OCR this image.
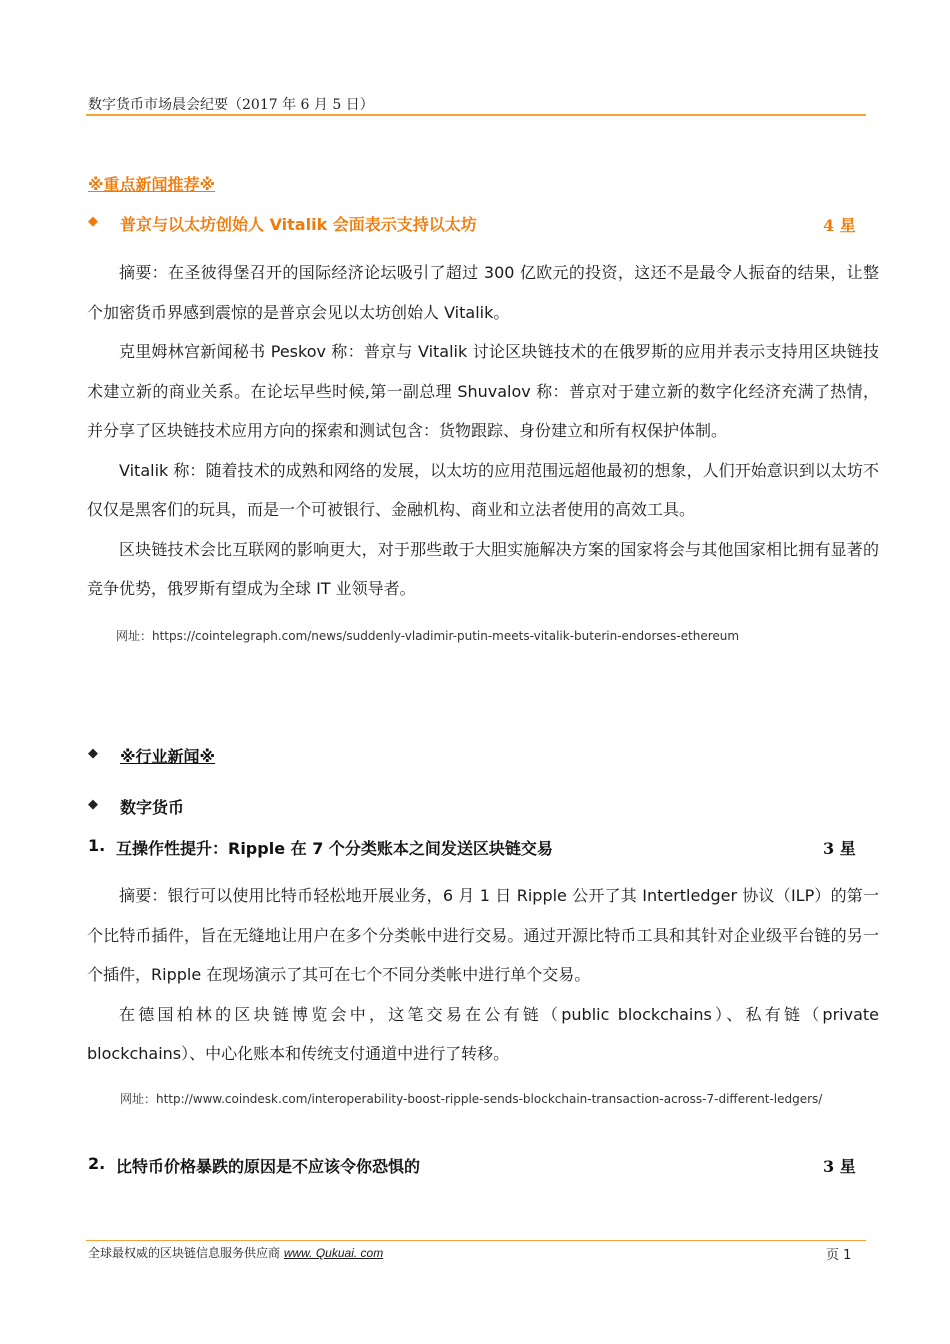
数字货币市场晨会纪要（2017 年 6 月 5 日）
※重点新闻推荐※
◆ 普京与以太坊创始人 Vitalik 会面表示支持以太坊	4 星

摘要：在圣彼得堡召开的国际经济论坛吸引了超过 300 亿欧元的投资，这还不是最令人振奋的结果，让整个加密货币界感到震惊的是普京会见以太坊创始人 Vitalik。

克里姆林宫新闻秘书 Peskov 称：普京与 Vitalik 讨论区块链技术的在俄罗斯的应用并表示支持用区块链技术建立新的商业关系。在论坛早些时候,第一副总理 Shuvalov 称：普京对于建立新的数字化经济充满了热情，并分享了区块链技术应用方向的探索和测试包含：货物跟踪、身份建立和所有权保护体制。

Vitalik 称：随着技术的成熟和网络的发展，以太坊的应用范围远超他最初的想象，人们开始意识到以太坊不仅仅是黑客们的玩具，而是一个可被银行、金融机构、商业和立法者使用的高效工具。

区块链技术会比互联网的影响更大，对于那些敢于大胆实施解决方案的国家将会与其他国家相比拥有显著的竞争优势，俄罗斯有望成为全球 IT 业领导者。

网址：https://cointelegraph.com/news/suddenly-vladimir-putin-meets-vitalik-buterin-endorses-ethereum
◆ ※行业新闻※
◆ 数字货币
1. 互操作性提升：Ripple 在 7 个分类账本之间发送区块链交易	3 星

摘要：银行可以使用比特币轻松地开展业务，6 月 1 日 Ripple 公开了其 Intertledger 协议（ILP）的第一个比特币插件，旨在无缝地让用户在多个分类帐中进行交易。通过开源比特币工具和其针对企业级平台链的另一个插件，Ripple 在现场演示了其可在七个不同分类帐中进行单个交易。

在德国柏林的区块链博览会中，这笔交易在公有链（public blockchains）、私有链（private blockchains）、中心化账本和传统支付通道中进行了转移。

网址：http://www.coindesk.com/interoperability-boost-ripple-sends-blockchain-transaction-across-7-different-ledgers/
2. 比特币价格暴跌的原因是不应该令你恐惧的	3 星
全球最权威的区块链信息服务供应商 www. Qukuai. com	页 1
